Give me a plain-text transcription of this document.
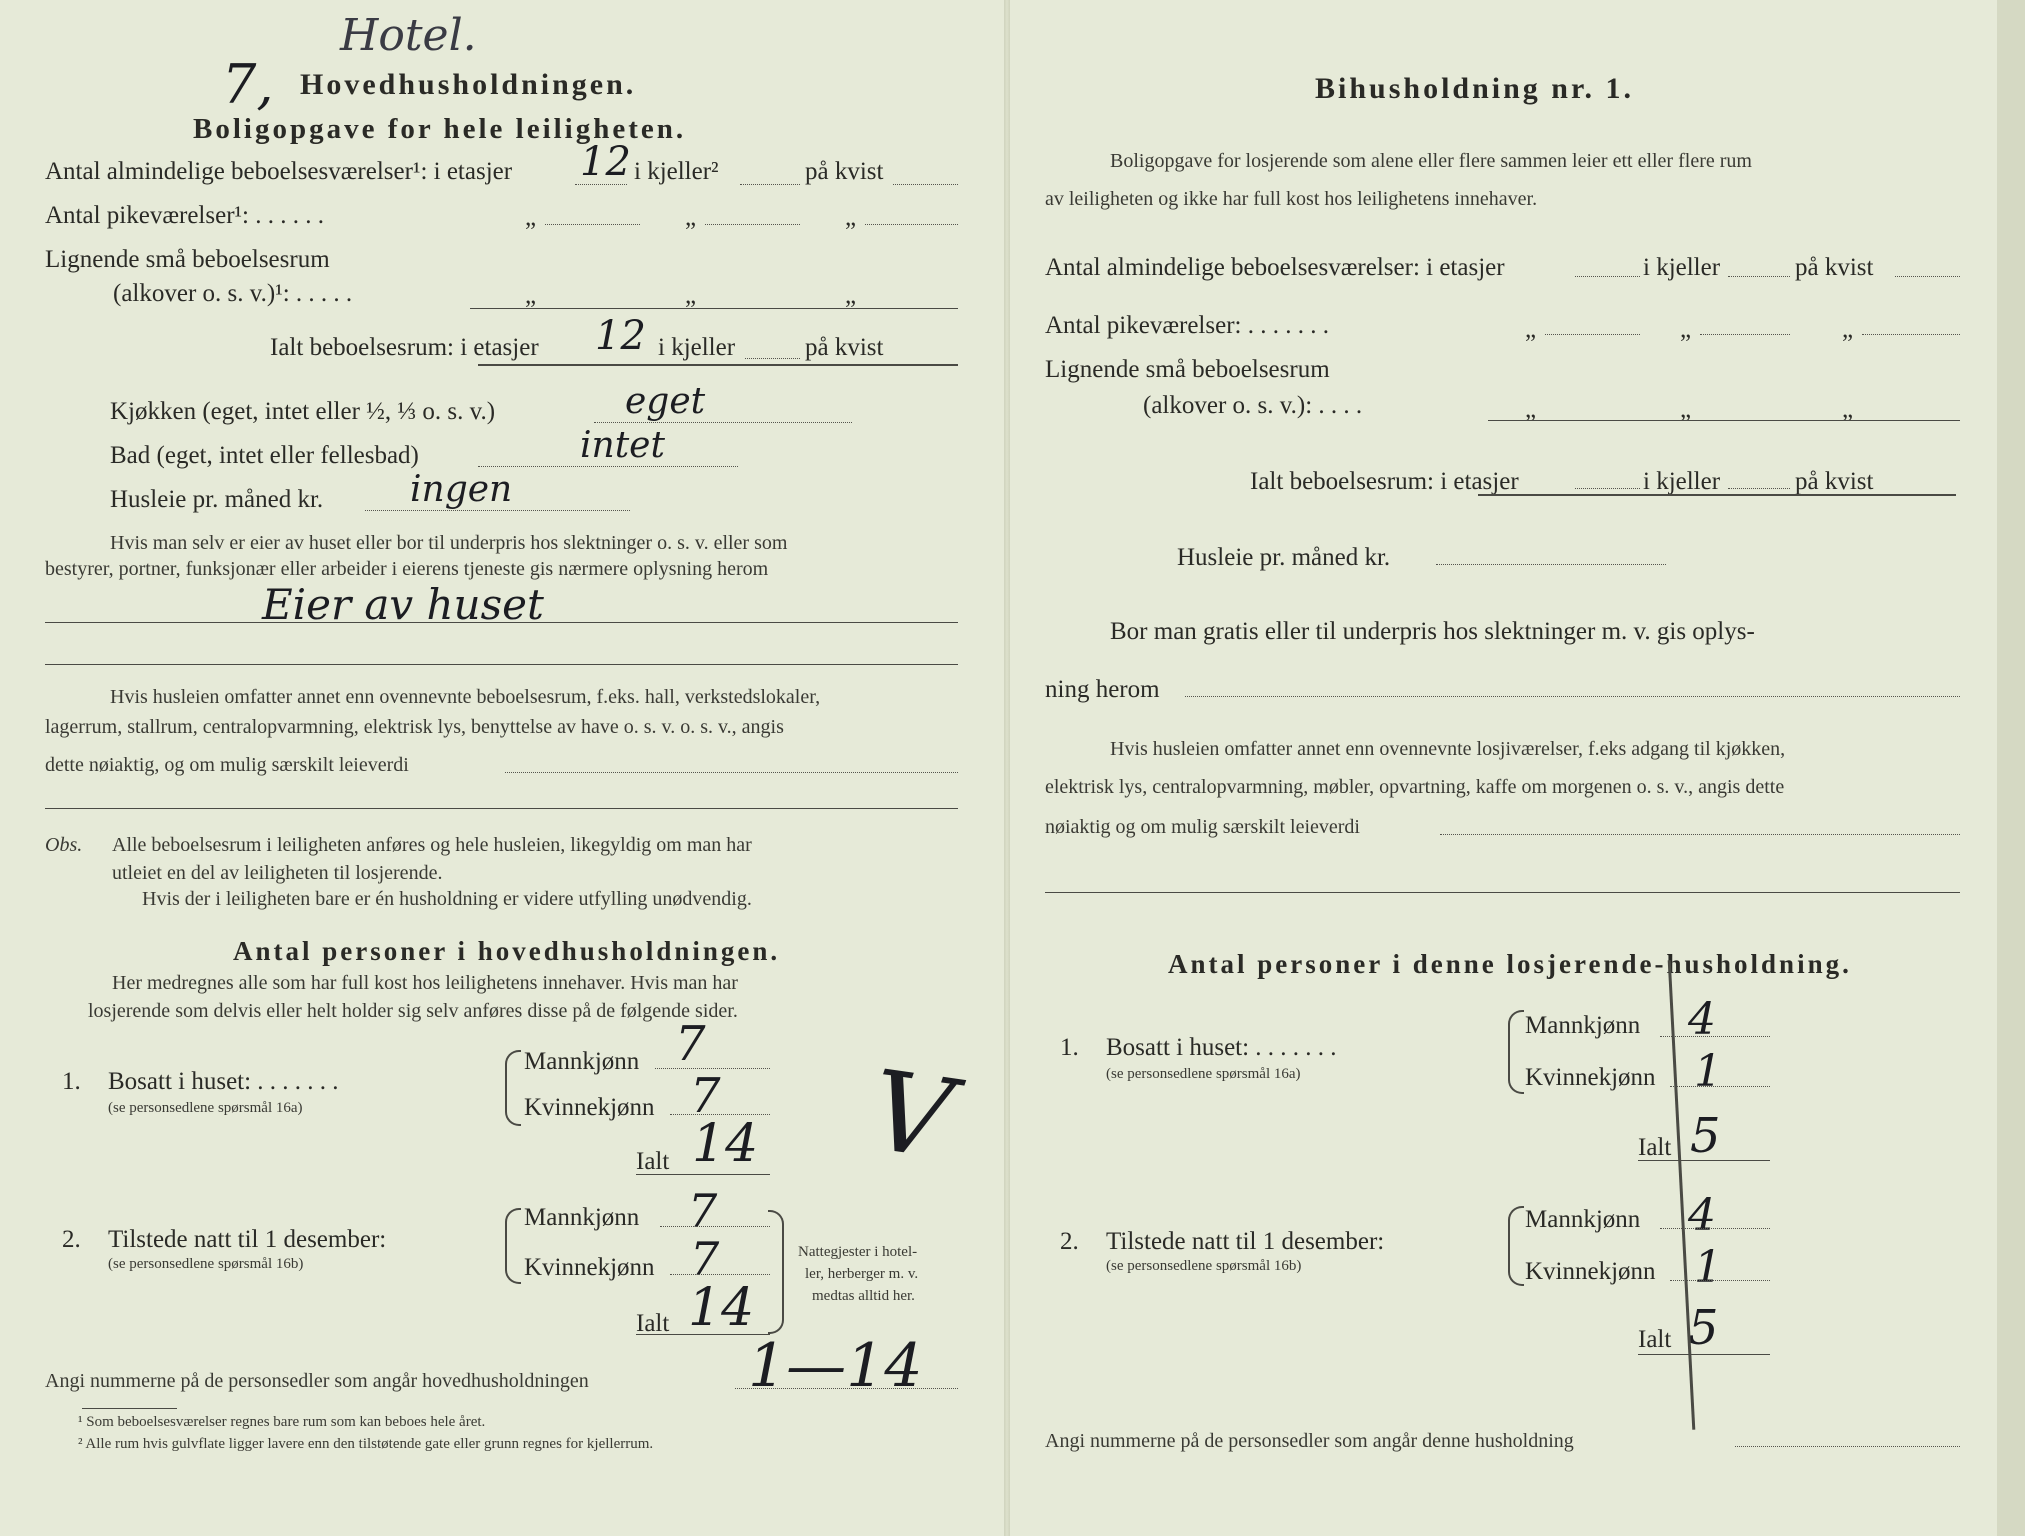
7,
Hotel.
Hovedhusholdningen.
Boligopgave for hele leiligheten.
Antal almindelige beboelsesværelser¹: i etasjer 12 i kjeller²	på kvist
Antal pikeværelser¹: . . . . . .	„	„	„
Lignende små beboelsesrum
(alkover o. s. v.)¹: . . . . .	„	„	„
Ialt beboelsesrum: i etasjer 12 i kjeller	på kvist
Kjøkken (eget, intet eller ½, ⅓ o. s. v.)	eget
Bad (eget, intet eller fellesbad)	intet
Husleie pr. måned kr. ingen
Hvis man selv er eier av huset eller bor til underpris hos slektninger o. s. v. eller som
bestyrer, portner, funksjonær eller arbeider i eierens tjeneste gis nærmere oplysning herom
Eier av huset
Hvis husleien omfatter annet enn ovennevnte beboelsesrum, f.eks. hall, verkstedslokaler,
lagerrum, stallrum, centralopvarmning, elektrisk lys, benyttelse av have o. s. v. o. s. v., angis
dette nøiaktig, og om mulig særskilt leieverdi
Obs. Alle beboelsesrum i leiligheten anføres og hele husleien, likegyldig om man har
utleiet en del av leiligheten til losjerende.
Hvis der i leiligheten bare er én husholdning er videre utfylling unødvendig.
Antal personer i hovedhusholdningen.
Her medregnes alle som har full kost hos leilighetens innehaver. Hvis man har
losjerende som delvis eller helt holder sig selv anføres disse på de følgende sider.
1. Bosatt i huset: . . . . . . .
(se personsedlene spørsmål 16a)
Mannkjønn 7
Kvinnekjønn 7
Ialt 14 V
2. Tilstede natt til 1 desember:
(se personsedlene spørsmål 16b)
Mannkjønn 7
Kvinnekjønn 7
Ialt 14
Nattegjester i hotel-
ler, herberger m. v.
medtas alltid her.
Angi nummerne på de personsedler som angår hovedhusholdningen	1—14
¹ Som beboelsesværelser regnes bare rum som kan beboes hele året.
² Alle rum hvis gulvflate ligger lavere enn den tilstøtende gate eller grunn regnes for kjellerrum.
Bihusholdning nr. 1.
Boligopgave for losjerende som alene eller flere sammen leier ett eller flere rum
av leiligheten og ikke har full kost hos leilighetens innehaver.
Antal almindelige beboelsesværelser: i etasjer	i kjeller	på kvist
Antal pikeværelser: . . . . . . .	„	„	„
Lignende små beboelsesrum
(alkover o. s. v.): . . . .	„	„	„
Ialt beboelsesrum: i etasjer	i kjeller	på kvist
Husleie pr. måned kr.
Bor man gratis eller til underpris hos slektninger m. v. gis oplys-
ning herom
Hvis husleien omfatter annet enn ovennevnte losjiværelser, f.eks adgang til kjøkken,
elektrisk lys, centralopvarmning, møbler, opvartning, kaffe om morgenen o. s. v., angis dette
nøiaktig og om mulig særskilt leieverdi
Antal personer i denne losjerende-husholdning.
1. Bosatt i huset: . . . . . . .
(se personsedlene spørsmål 16a)
Mannkjønn 4
Kvinnekjønn 1
Ialt 5
2. Tilstede natt til 1 desember:
(se personsedlene spørsmål 16b)
Mannkjønn 4
Kvinnekjønn 1
Ialt 5
Angi nummerne på de personsedler som angår denne husholdning
